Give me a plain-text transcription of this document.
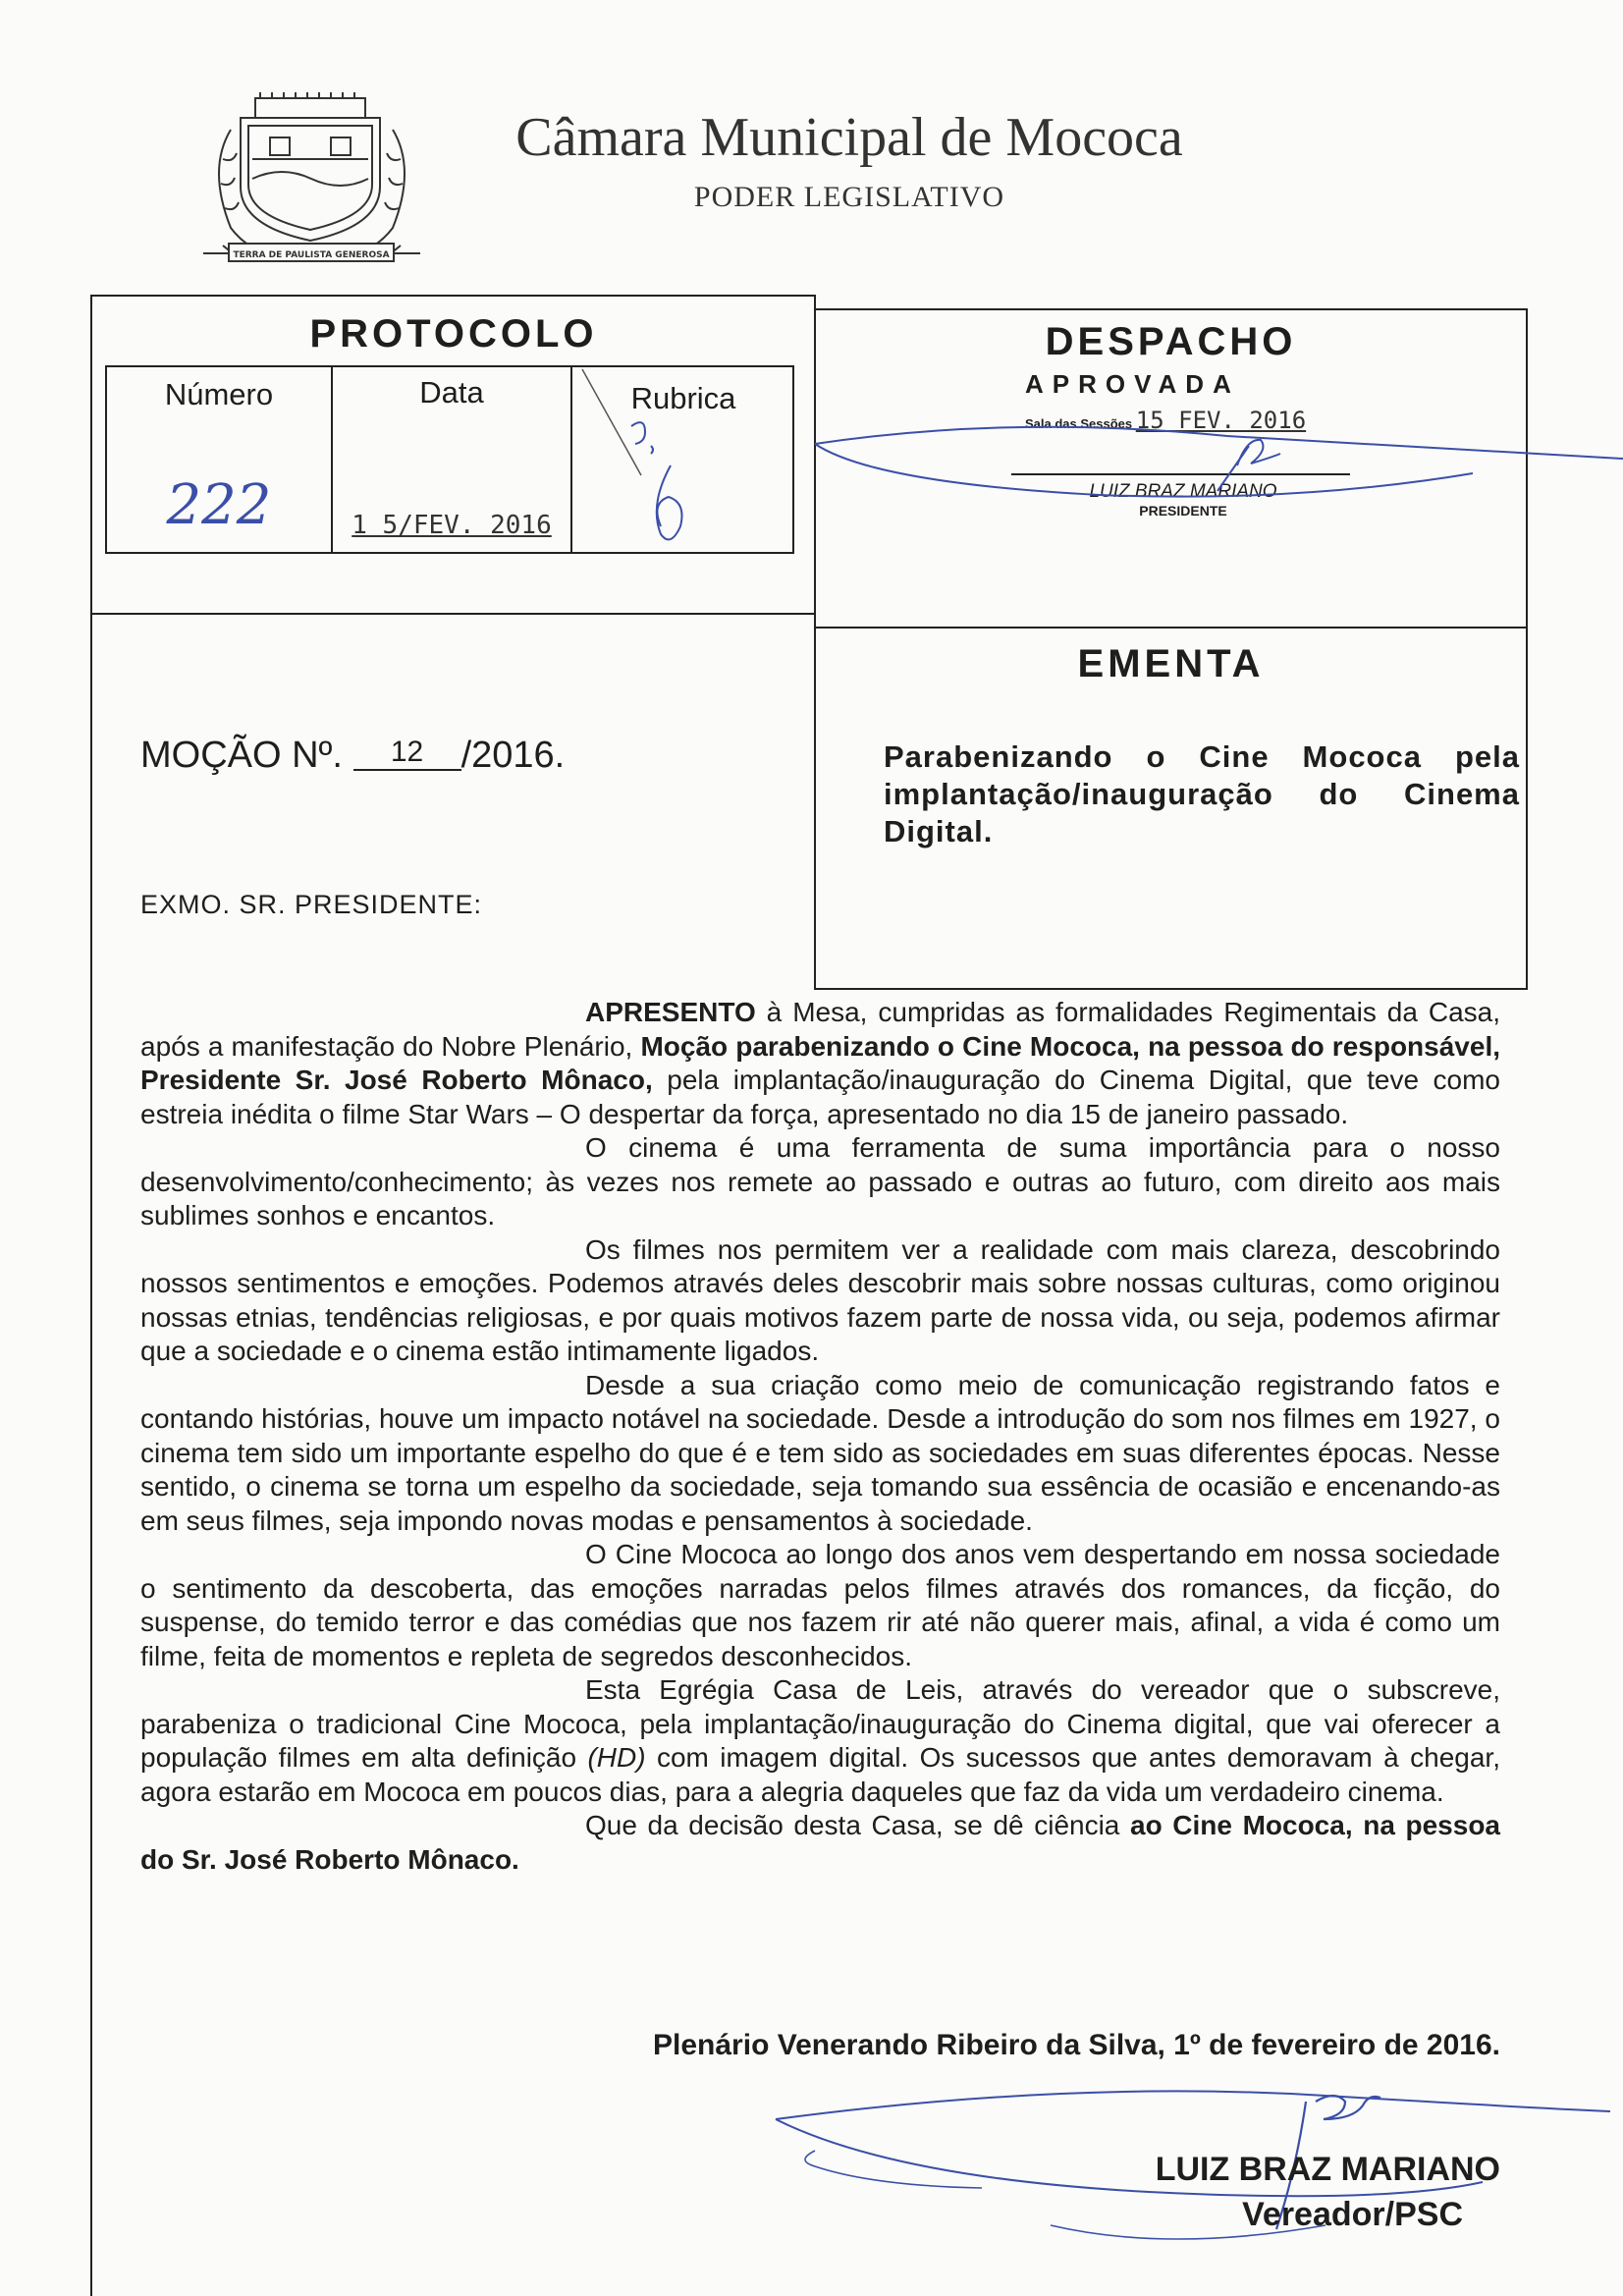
TERRA DE PAULISTA GENEROSA
Câmara Municipal de Mococa
PODER LEGISLATIVO
PROTOCOLO
Número	Data	Rubrica
222	1 5/FEV. 2016
DESPACHO
APROVADA
Sala das Sessões 15 FEV. 2016
LUIZ BRAZ MARIANO
PRESIDENTE
MOÇÃO Nº. 12 /2016.
EXMO. SR. PRESIDENTE:
EMENTA
Parabenizando o Cine Mococa pela implantação/inauguração do Cinema Digital.

APRESENTO à Mesa, cumpridas as formalidades Regimentais da Casa, após a manifestação do Nobre Plenário, Moção parabenizando o Cine Mococa, na pessoa do responsável, Presidente Sr. José Roberto Mônaco, pela implantação/inauguração do Cinema Digital, que teve como estreia inédita o filme Star Wars – O despertar da força, apresentado no dia 15 de janeiro passado.

O cinema é uma ferramenta de suma importância para o nosso desenvolvimento/conhecimento; às vezes nos remete ao passado e outras ao futuro, com direito aos mais sublimes sonhos e encantos.

Os filmes nos permitem ver a realidade com mais clareza, descobrindo nossos sentimentos e emoções. Podemos através deles descobrir mais sobre nossas culturas, como originou nossas etnias, tendências religiosas, e por quais motivos fazem parte de nossa vida, ou seja, podemos afirmar que a sociedade e o cinema estão intimamente ligados.

Desde a sua criação como meio de comunicação registrando fatos e contando histórias, houve um impacto notável na sociedade. Desde a introdução do som nos filmes em 1927, o cinema tem sido um importante espelho do que é e tem sido as sociedades em suas diferentes épocas. Nesse sentido, o cinema se torna um espelho da sociedade, seja tomando sua essência de ocasião e encenando-as em seus filmes, seja impondo novas modas e pensamentos à sociedade.

O Cine Mococa ao longo dos anos vem despertando em nossa sociedade o sentimento da descoberta, das emoções narradas pelos filmes através dos romances, da ficção, do suspense, do temido terror e das comédias que nos fazem rir até não querer mais, afinal, a vida é como um filme, feita de momentos e repleta de segredos desconhecidos.

Esta Egrégia Casa de Leis, através do vereador que o subscreve, parabeniza o tradicional Cine Mococa, pela implantação/inauguração do Cinema digital, que vai oferecer a população filmes em alta definição (HD) com imagem digital. Os sucessos que antes demoravam à chegar, agora estarão em Mococa em poucos dias, para a alegria daqueles que faz da vida um verdadeiro cinema.

Que da decisão desta Casa, se dê ciência ao Cine Mococa, na pessoa do Sr. José Roberto Mônaco.

Plenário Venerando Ribeiro da Silva, 1º de fevereiro de 2016.
LUIZ BRAZ MARIANO
Vereador/PSC
